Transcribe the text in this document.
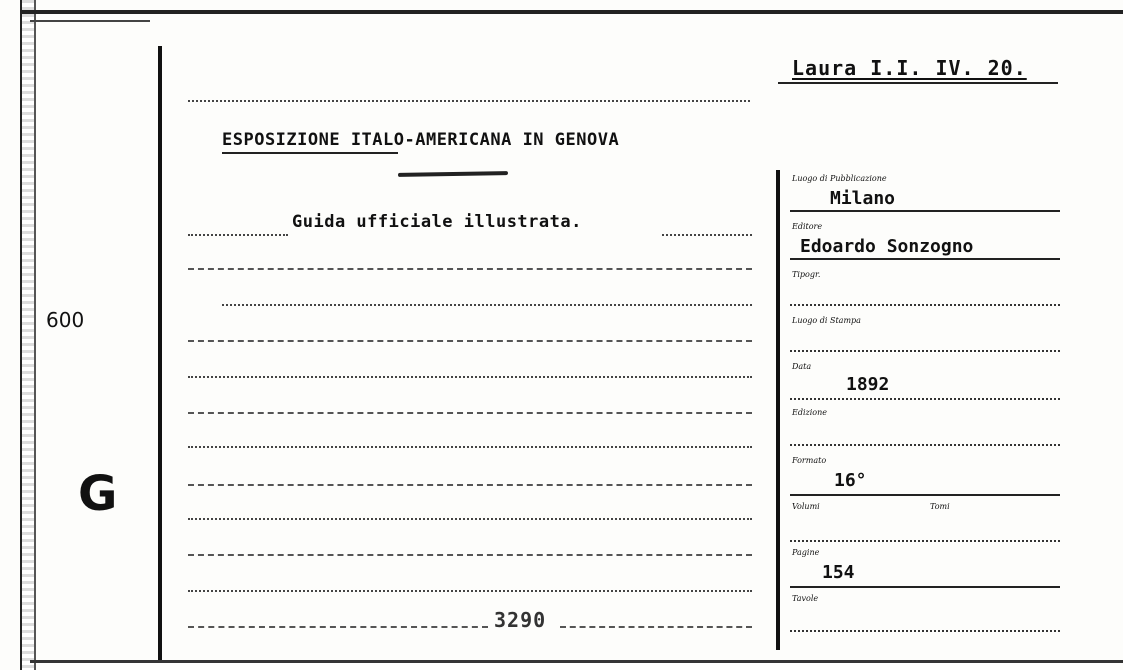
600
G
Laura I.I. IV. 20.
ESPOSIZIONE ITALO-AMERICANA IN GENOVA
Guida ufficiale illustrata.
3290
Luogo di Pubblicazione
Milano
Editore
Edoardo Sonzogno
Tipogr.
Luogo di Stampa
Data
1892
Edizione
Formato
16°
Volumi	Tomi
Pagine
154
Tavole
